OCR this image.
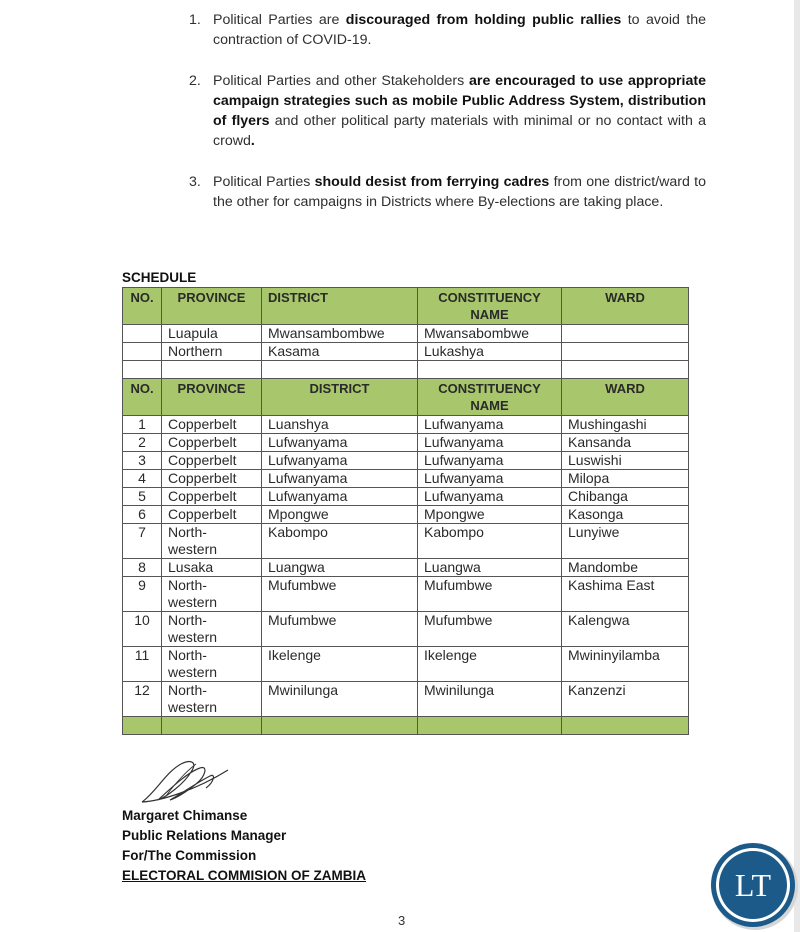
1. Political Parties are discouraged from holding public rallies to avoid the contraction of COVID-19.
2. Political Parties and other Stakeholders are encouraged to use appropriate campaign strategies such as mobile Public Address System, distribution of flyers and other political party materials with minimal or no contact with a crowd.
3. Political Parties should desist from ferrying cadres from one district/ward to the other for campaigns in Districts where By-elections are taking place.

SCHEDULE

NO.	PROVINCE	DISTRICT	CONSTITUENCY NAME	WARD
	Luapula	Mwansambombwe	Mwansabombwe	
	Northern	Kasama	Lukashya	

NO.	PROVINCE	DISTRICT	CONSTITUENCY NAME	WARD
1	Copperbelt	Luanshya	Lufwanyama	Mushingashi
2	Copperbelt	Lufwanyama	Lufwanyama	Kansanda
3	Copperbelt	Lufwanyama	Lufwanyama	Luswishi
4	Copperbelt	Lufwanyama	Lufwanyama	Milopa
5	Copperbelt	Lufwanyama	Lufwanyama	Chibanga
6	Copperbelt	Mpongwe	Mpongwe	Kasonga
7	North-western	Kabompo	Kabompo	Lunyiwe
8	Lusaka	Luangwa	Luangwa	Mandombe
9	North-western	Mufumbwe	Mufumbwe	Kashima East
10	North-western	Mufumbwe	Mufumbwe	Kalengwa
11	North-western	Ikelenge	Ikelenge	Mwininyilamba
12	North-western	Mwinilunga	Mwinilunga	Kanzenzi

Margaret Chimanse
Public Relations Manager
For/The Commission
ELECTORAL COMMISION OF ZAMBIA
3
LT
